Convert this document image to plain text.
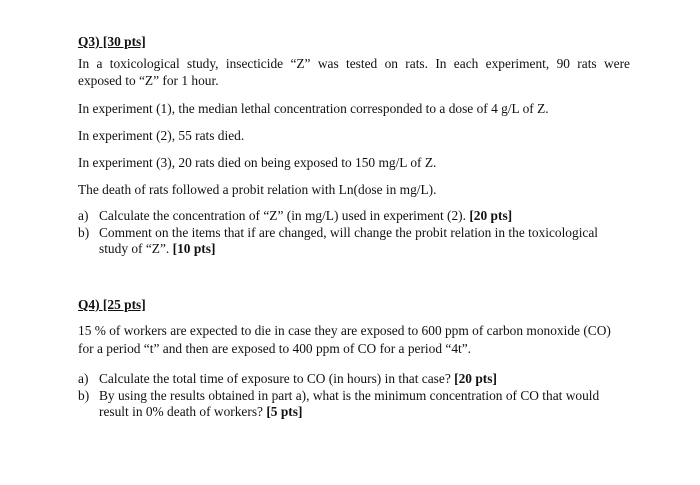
Q3) [30 pts]
In a toxicological study, insecticide “Z” was tested on rats. In each experiment, 90 rats were
exposed to “Z” for 1 hour.
In experiment (1), the median lethal concentration corresponded to a dose of 4 g/L of Z.
In experiment (2), 55 rats died.
In experiment (3), 20 rats died on being exposed to 150 mg/L of Z.
The death of rats followed a probit relation with Ln(dose in mg/L).
a) Calculate the concentration of “Z” (in mg/L) used in experiment (2). [20 pts]
b) Comment on the items that if are changed, will change the probit relation in the toxicological
study of “Z”. [10 pts]
Q4) [25 pts]
15 % of workers are expected to die in case they are exposed to 600 ppm of carbon monoxide (CO)
for a period “t” and then are exposed to 400 ppm of CO for a period “4t”.
a) Calculate the total time of exposure to CO (in hours) in that case? [20 pts]
b) By using the results obtained in part a), what is the minimum concentration of CO that would
result in 0% death of workers? [5 pts]
